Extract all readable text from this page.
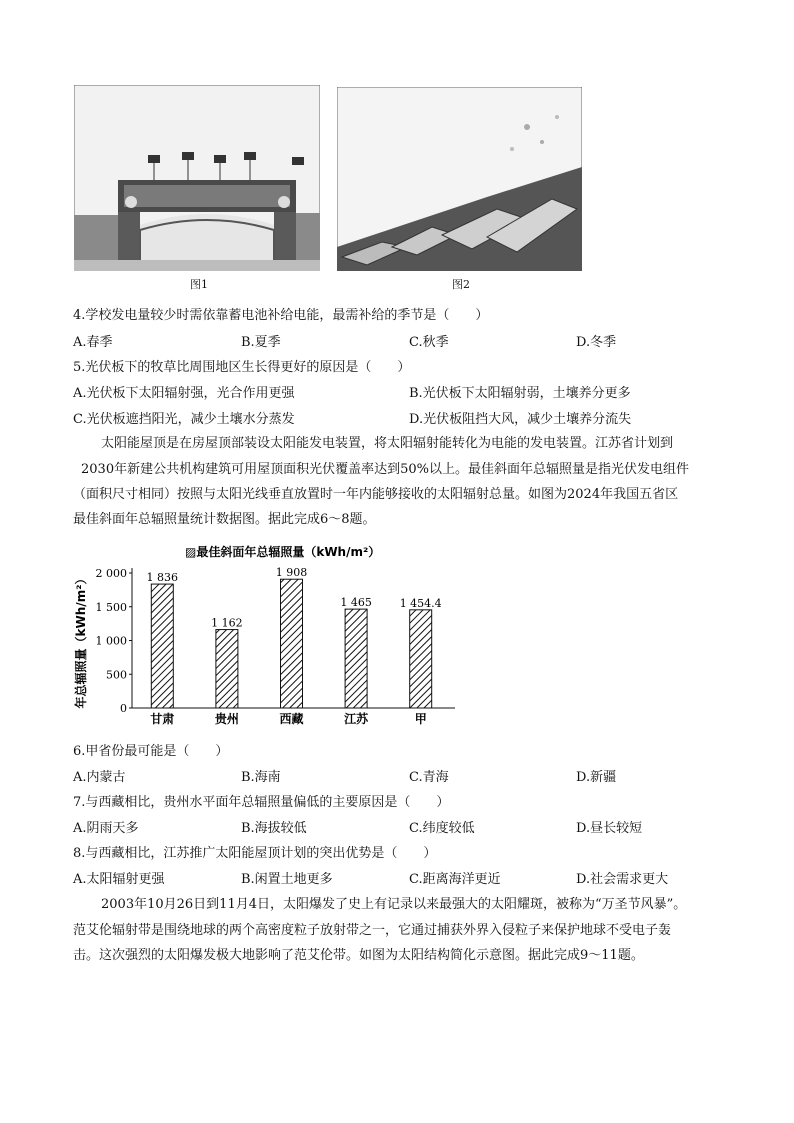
图1	图2
4.学校发电量较少时需依靠蓄电池补给电能，最需补给的季节是（　　）
A.春季	B.夏季	C.秋季	D.冬季
5.光伏板下的牧草比周围地区生长得更好的原因是（　　）
A.光伏板下太阳辐射强，光合作用更强	B.光伏板下太阳辐射弱，土壤养分更多
C.光伏板遮挡阳光，减少土壤水分蒸发	D.光伏板阻挡大风，减少土壤养分流失
太阳能屋顶是在房屋顶部装设太阳能发电装置，将太阳辐射能转化为电能的发电装置。江苏省计划到
2030年新建公共机构建筑可用屋顶面积光伏覆盖率达到50%以上。最佳斜面年总辐照量是指光伏发电组件
（面积尺寸相同）按照与太阳光线垂直放置时一年内能够接收的太阳辐射总量。如图为2024年我国五省区
最佳斜面年总辐照量统计数据图。据此完成6～8题。
▨最佳斜面年总辐照量（kWh/m²）
年总辐照量（kWh/m²） 2 000
1 500
1 000
500
0
1 836
甘肃
1 162
贵州
1 908
西藏
1 465
江苏
1 454.4
甲
6.甲省份最可能是（　　）
A.内蒙古	B.海南	C.青海	D.新疆
7.与西藏相比，贵州水平面年总辐照量偏低的主要原因是（　　）
A.阴雨天多	B.海拔较低	C.纬度较低	D.昼长较短
8.与西藏相比，江苏推广太阳能屋顶计划的突出优势是（　　）
A.太阳辐射更强	B.闲置土地更多	C.距离海洋更近	D.社会需求更大
2003年10月26日到11月4日，太阳爆发了史上有记录以来最强大的太阳耀斑，被称为“万圣节风暴”。
范艾伦辐射带是围绕地球的两个高密度粒子放射带之一，它通过捕获外界入侵粒子来保护地球不受电子轰
击。这次强烈的太阳爆发极大地影响了范艾伦带。如图为太阳结构简化示意图。据此完成9～11题。
